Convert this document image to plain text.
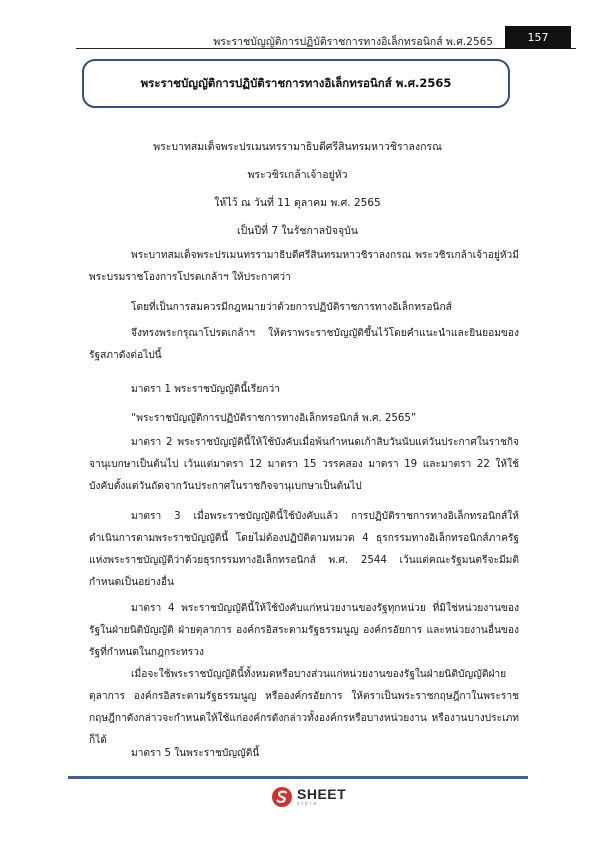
พระราชบัญญัติการปฏิบัติราชการทางอิเล็กทรอนิกส์ พ.ศ.2565	157
พระราชบัญญัติการปฏิบัติราชการทางอิเล็กทรอนิกส์ พ.ศ.2565
พระบาทสมเด็จพระปรเมนทรรามาธิบดีศรีสินทรมหาวชิราลงกรณ
พระวชิรเกล้าเจ้าอยู่หัว
ให้ไว้ ณ วันที่ 11 ตุลาคม พ.ศ. 2565
เป็นปีที่ 7 ในรัชกาลปัจจุบัน
พระบาทสมเด็จพระปรเมนทรรามาธิบดีศรีสินทรมหาวชิราลงกรณ พระวชิรเกล้าเจ้าอยู่หัวมีพระบรมราชโองการโปรดเกล้าฯ ให้ประกาศว่า
โดยที่เป็นการสมควรมีกฎหมายว่าด้วยการปฏิบัติราชการทางอิเล็กทรอนิกส์
จึงทรงพระกรุณาโปรดเกล้าฯ ให้ตราพระราชบัญญัติขึ้นไว้โดยคำแนะนำและยินยอมของรัฐสภาดังต่อไปนี้
มาตรา 1 พระราชบัญญัตินี้เรียกว่า
“พระราชบัญญัติการปฏิบัติราชการทางอิเล็กทรอนิกส์ พ.ศ. 2565”
มาตรา 2 พระราชบัญญัตินี้ให้ใช้บังคับเมื่อพ้นกำหนดเก้าสิบวันนับแต่วันประกาศในราชกิจจานุเบกษาเป็นต้นไป เว้นแต่มาตรา 12 มาตรา 15 วรรคสอง มาตรา 19 และมาตรา 22 ให้ใช้บังคับตั้งแต่วันถัดจากวันประกาศในราชกิจจานุเบกษาเป็นต้นไป
มาตรา 3 เมื่อพระราชบัญญัตินี้ใช้บังคับแล้ว การปฏิบัติราชการทางอิเล็กทรอนิกส์ให้ดำเนินการตามพระราชบัญญัตินี้ โดยไม่ต้องปฏิบัติตามหมวด 4 ธุรกรรมทางอิเล็กทรอนิกส์ภาครัฐแห่งพระราชบัญญัติว่าด้วยธุรกรรมทางอิเล็กทรอนิกส์ พ.ศ. 2544 เว้นแต่คณะรัฐมนตรีจะมีมติกำหนดเป็นอย่างอื่น
มาตรา 4 พระราชบัญญัตินี้ให้ใช้บังคับแก่หน่วยงานของรัฐทุกหน่วย ที่มิใช่หน่วยงานของรัฐในฝ่ายนิติบัญญัติ ฝ่ายตุลาการ องค์กรอิสระตามรัฐธรรมนูญ องค์กรอัยการ และหน่วยงานอื่นของรัฐที่กำหนดในกฎกระทรวง
เมื่อจะใช้พระราชบัญญัตินี้ทั้งหมดหรือบางส่วนแก่หน่วยงานของรัฐในฝ่ายนิติบัญญัติฝ่ายตุลาการ องค์กรอิสระตามรัฐธรรมนูญ หรือองค์กรอัยการ ให้ตราเป็นพระราชกฤษฎีกาในพระราชกฤษฎีกาดังกล่าวจะกำหนดให้ใช้แก่องค์กรดังกล่าวทั้งองค์กรหรือบางหน่วยงาน หรืองานบางประเภทก็ได้
มาตรา 5 ในพระราชบัญญัตินี้
SHEET
store
